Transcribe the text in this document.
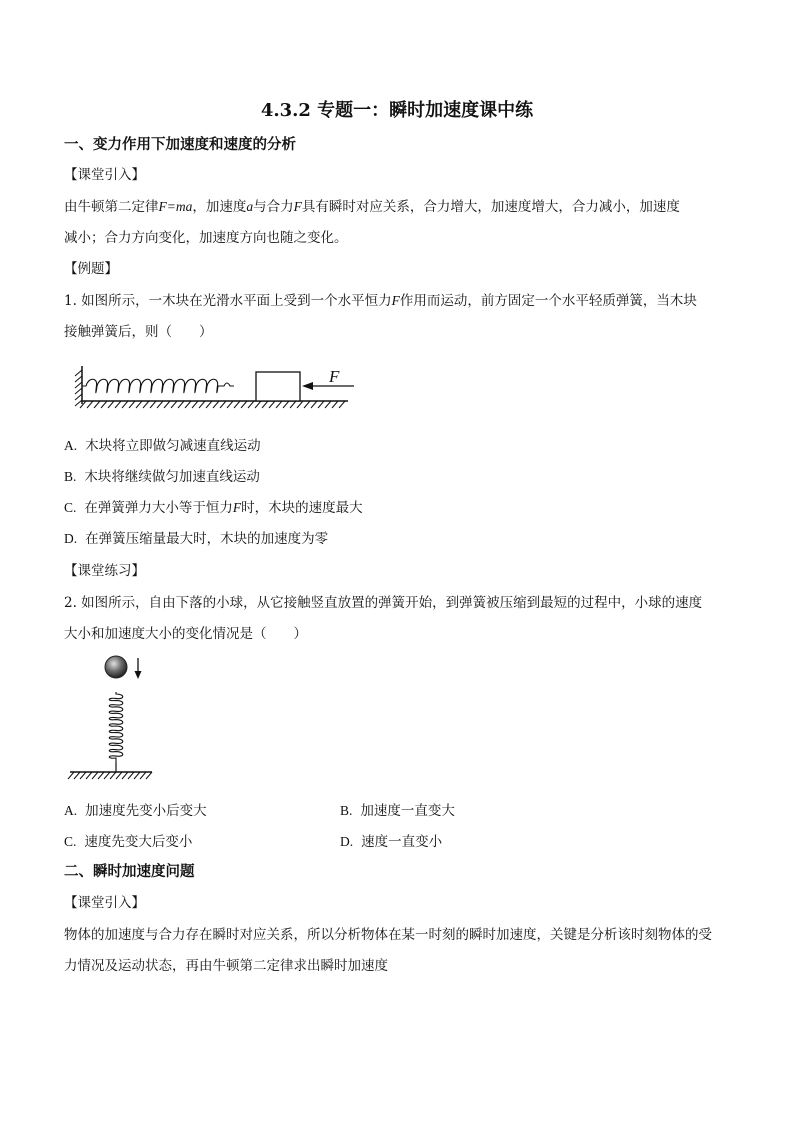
4.3.2 专题一：瞬时加速度课中练
一、变力作用下加速度和速度的分析
【课堂引入】
由牛顿第二定律F=ma，加速度a与合力F具有瞬时对应关系，合力增大，加速度增大，合力减小，加速度
减小；合力方向变化，加速度方向也随之变化。
【例题】
1. 如图所示，一木块在光滑水平面上受到一个水平恒力F作用而运动，前方固定一个水平轻质弹簧，当木块
接触弹簧后，则（　　）
F
A. 木块将立即做匀减速直线运动
B. 木块将继续做匀加速直线运动
C. 在弹簧弹力大小等于恒力F时，木块的速度最大
D. 在弹簧压缩量最大时，木块的加速度为零
【课堂练习】
2. 如图所示，自由下落的小球，从它接触竖直放置的弹簧开始，到弹簧被压缩到最短的过程中，小球的速度
大小和加速度大小的变化情况是（　　）
A. 加速度先变小后变大	B. 加速度一直变大
C. 速度先变大后变小	D. 速度一直变小
二、瞬时加速度问题
【课堂引入】
物体的加速度与合力存在瞬时对应关系，所以分析物体在某一时刻的瞬时加速度，关键是分析该时刻物体的受
力情况及运动状态，再由牛顿第二定律求出瞬时加速度
